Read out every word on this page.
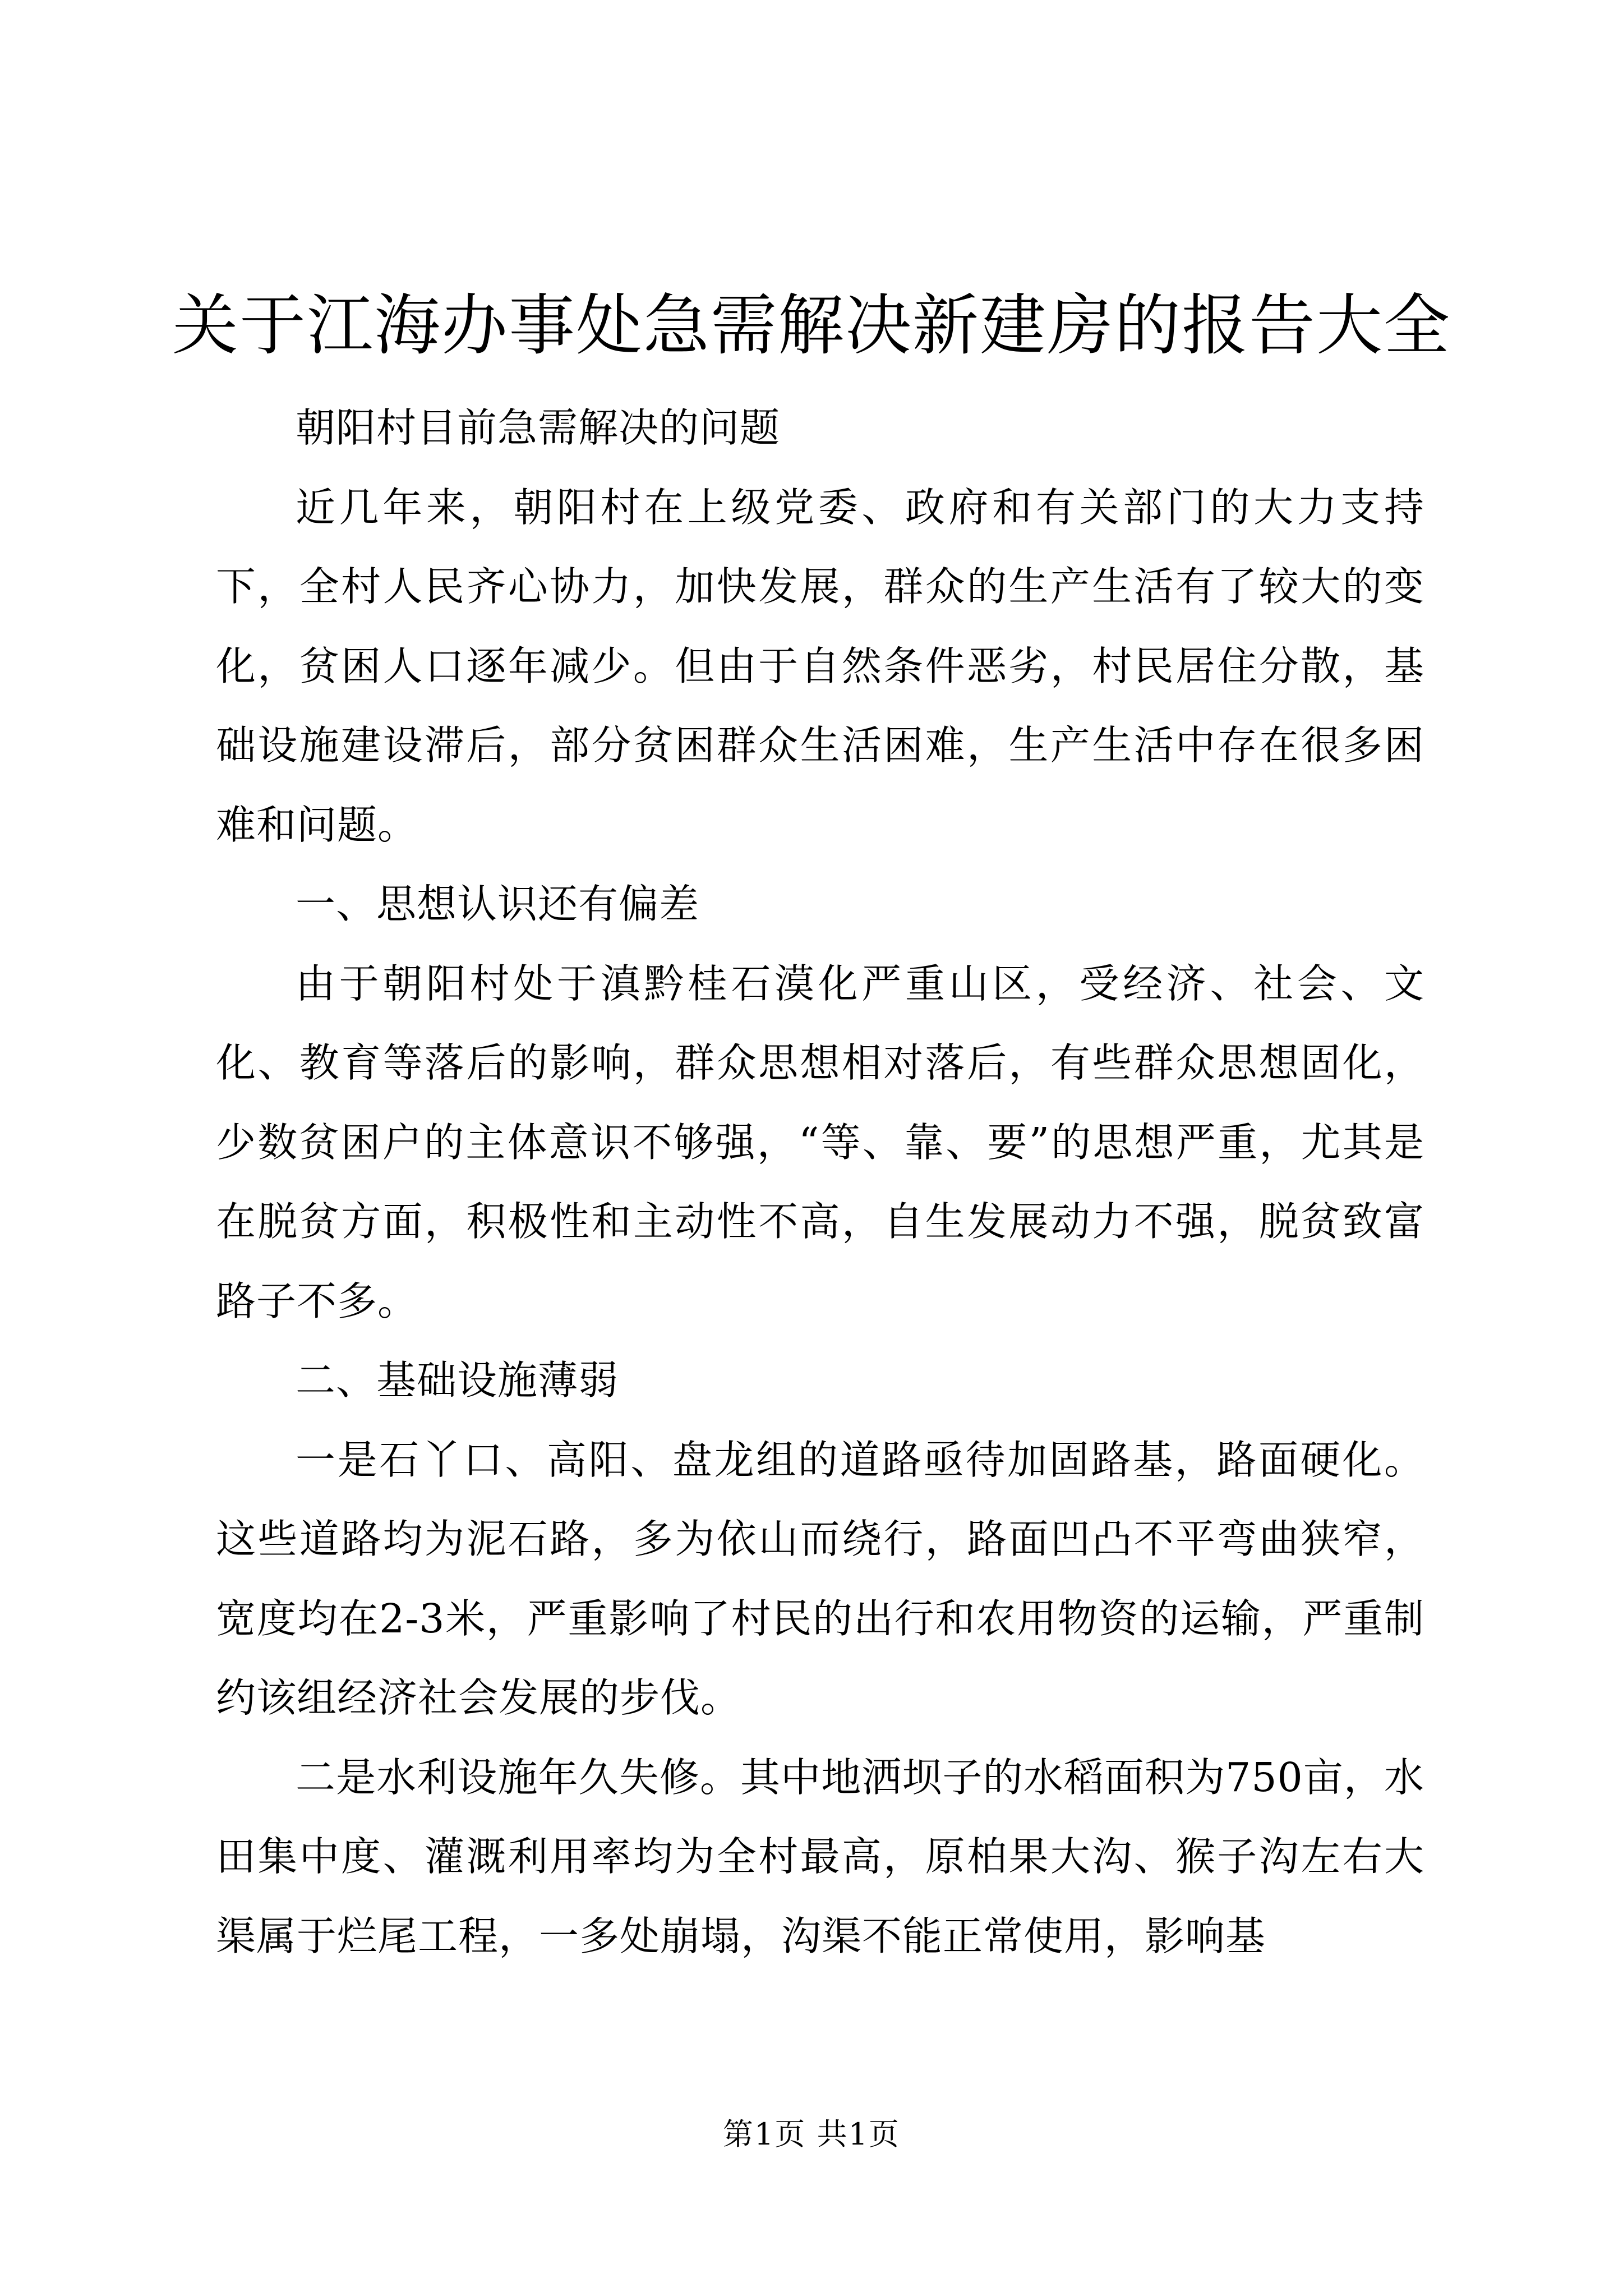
关于江海办事处急需解决新建房的报告大全

朝阳村目前急需解决的问题

近几年来，朝阳村在上级党委、政府和有关部门的大力支持下，全村人民齐心协力，加快发展，群众的生产生活有了较大的变化，贫困人口逐年减少。但由于自然条件恶劣，村民居住分散，基础设施建设滞后，部分贫困群众生活困难，生产生活中存在很多困难和问题。

一、思想认识还有偏差

由于朝阳村处于滇黔桂石漠化严重山区，受经济、社会、文化、教育等落后的影响，群众思想相对落后，有些群众思想固化，少数贫困户的主体意识不够强，“等、靠、要”的思想严重，尤其是在脱贫方面，积极性和主动性不高，自生发展动力不强，脱贫致富路子不多。

二、基础设施薄弱

一是石丫口、高阳、盘龙组的道路亟待加固路基，路面硬化。这些道路均为泥石路，多为依山而绕行，路面凹凸不平弯曲狭窄，宽度均在2-3米，严重影响了村民的出行和农用物资的运输，严重制约该组经济社会发展的步伐。

二是水利设施年久失修。其中地洒坝子的水稻面积为750亩，水田集中度、灌溉利用率均为全村最高，原柏果大沟、猴子沟左右大渠属于烂尾工程，一多处崩塌，沟渠不能正常使用，影响基

第1页 共1页
